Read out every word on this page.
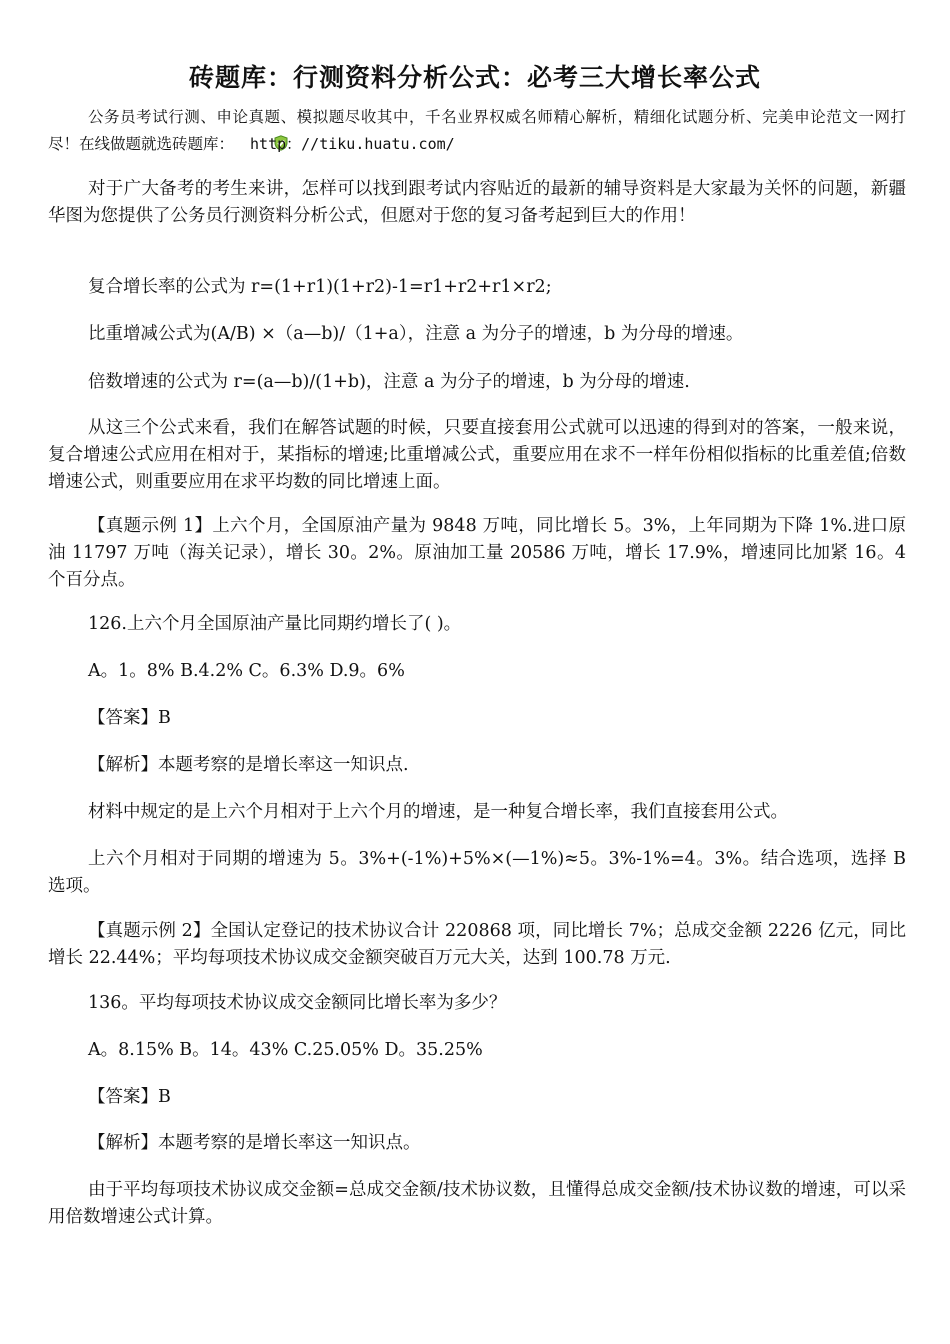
砖题库：行测资料分析公式：必考三大增长率公式
公务员考试行测、申论真题、模拟题尽收其中，千名业界权威名师精心解析，精细化试题分析、完美申论范文一网打 尽！在线做题就选砖题库： http：//tiku.huatu.com/
对于广大备考的考生来讲，怎样可以找到跟考试内容贴近的最新的辅导资料是大家最为关怀的问题，新疆华图为您提供了公务员行测资料分析公式，但愿对于您的复习备考起到巨大的作用！
复合增长率的公式为 r=(1+r1)(1+r2)-1=r1+r2+r1×r2;
比重增减公式为(A/B) ×（a—b)/（1+a），注意 a 为分子的增速，b 为分母的增速。
倍数增速的公式为 r=(a—b)/(1+b)，注意 a 为分子的增速，b 为分母的增速.
从这三个公式来看，我们在解答试题的时候，只要直接套用公式就可以迅速的得到对的答案，一般来说，复合增速公式应用在相对于，某指标的增速;比重增减公式，重要应用在求不一样年份相似指标的比重差值;倍数增速公式，则重要应用在求平均数的同比增速上面。
【真题示例 1】上六个月，全国原油产量为 9848 万吨，同比增长 5。3%，上年同期为下降 1%.进口原油 11797 万吨（海关记录），增长 30。2%。原油加工量 20586 万吨，增长 17.9%，增速同比加紧 16。4 个百分点。
126.上六个月全国原油产量比同期约增长了( )。
A。1。8% B.4.2% C。6.3% D.9。6%
【答案】B
【解析】本题考察的是增长率这一知识点.
材料中规定的是上六个月相对于上六个月的增速，是一种复合增长率，我们直接套用公式。
上六个月相对于同期的增速为 5。3%+(-1%)+5%×(—1%)≈5。3%-1%=4。3%。结合选项，选择 B 选项。
【真题示例 2】全国认定登记的技术协议合计 220868 项，同比增长 7%；总成交金额 2226 亿元，同比增长 22.44%；平均每项技术协议成交金额突破百万元大关，达到 100.78 万元.
136。平均每项技术协议成交金额同比增长率为多少？
A。8.15% B。14。43% C.25.05% D。35.25%
【答案】B
【解析】本题考察的是增长率这一知识点。
由于平均每项技术协议成交金额=总成交金额/技术协议数，且懂得总成交金额/技术协议数的增速，可以采用倍数增速公式计算。
